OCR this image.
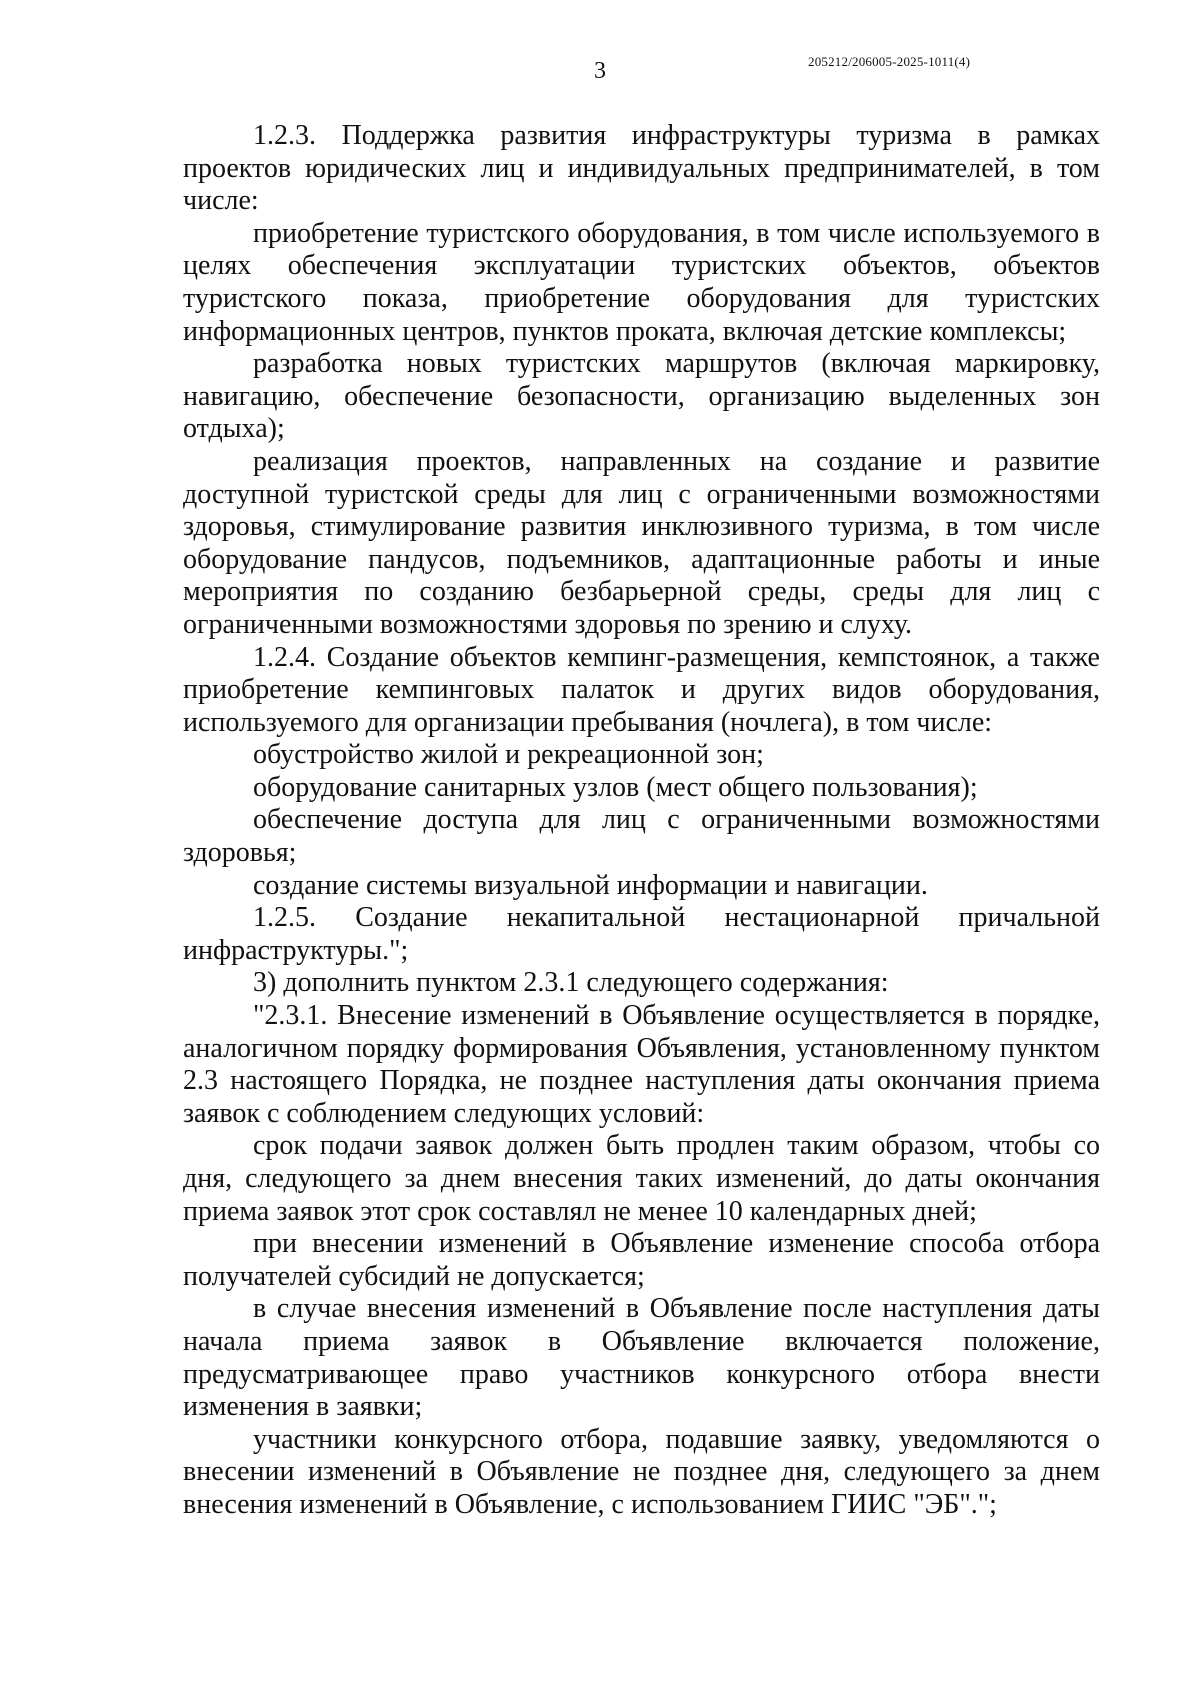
3	205212/206005-2025-1011(4)

1.2.3. Поддержка развития инфраструктуры туризма в рамках проектов юридических лиц и индивидуальных предпринимателей, в том числе:

приобретение туристского оборудования, в том числе используемого в целях обеспечения эксплуатации туристских объектов, объектов туристского показа, приобретение оборудования для туристских информационных центров, пунктов проката, включая детские комплексы;

разработка новых туристских маршрутов (включая маркировку, навигацию, обеспечение безопасности, организацию выделенных зон отдыха);

реализация проектов, направленных на создание и развитие доступной туристской среды для лиц с ограниченными возможностями здоровья, стимулирование развития инклюзивного туризма, в том числе оборудование пандусов, подъемников, адаптационные работы и иные мероприятия по созданию безбарьерной среды, среды для лиц с ограниченными возможностями здоровья по зрению и слуху.

1.2.4. Создание объектов кемпинг-размещения, кемпстоянок, а также приобретение кемпинговых палаток и других видов оборудования, используемого для организации пребывания (ночлега), в том числе:

обустройство жилой и рекреационной зон;

оборудование санитарных узлов (мест общего пользования);

обеспечение доступа для лиц с ограниченными возможностями здоровья;

создание системы визуальной информации и навигации.

1.2.5. Создание некапитальной нестационарной причальной инфраструктуры.";

3) дополнить пунктом 2.3.1 следующего содержания:

"2.3.1. Внесение изменений в Объявление осуществляется в порядке, аналогичном порядку формирования Объявления, установленному пунктом 2.3 настоящего Порядка, не позднее наступления даты окончания приема заявок с соблюдением следующих условий:

срок подачи заявок должен быть продлен таким образом, чтобы со дня, следующего за днем внесения таких изменений, до даты окончания приема заявок этот срок составлял не менее 10 календарных дней;

при внесении изменений в Объявление изменение способа отбора получателей субсидий не допускается;

в случае внесения изменений в Объявление после наступления даты начала приема заявок в Объявление включается положение, предусматривающее право участников конкурсного отбора внести изменения в заявки;

участники конкурсного отбора, подавшие заявку, уведомляются о внесении изменений в Объявление не позднее дня, следующего за днем внесения изменений в Объявление, с использованием ГИИС "ЭБ".";
